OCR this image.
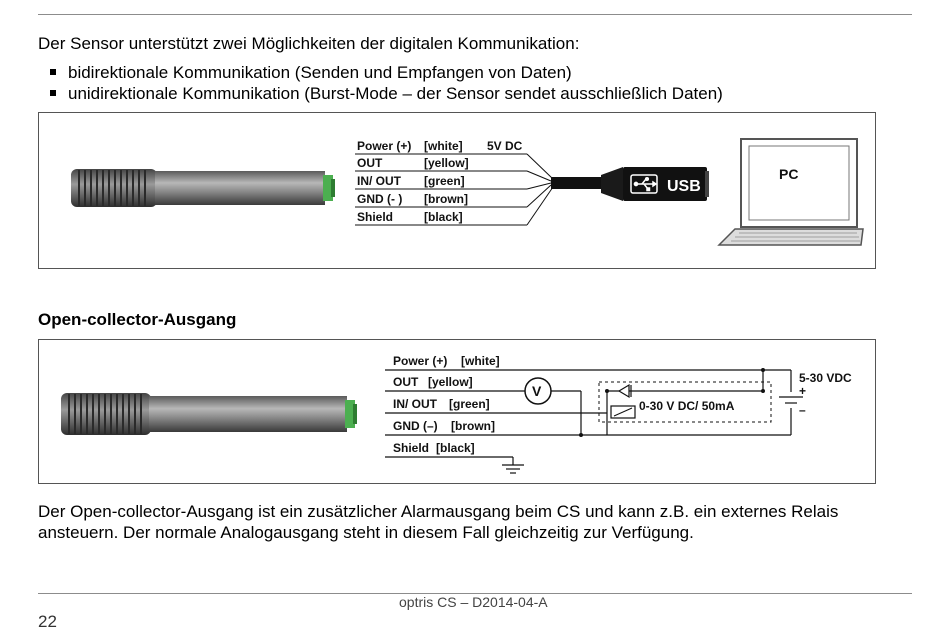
Der Sensor unterstützt zwei Möglichkeiten der digitalen Kommunikation:
bidirektionale Kommunikation (Senden und Empfangen von Daten)
unidirektionale Kommunikation (Burst-Mode – der Sensor sendet ausschließlich Daten)
Power (+)
OUT
IN/ OUT
GND (- )
Shield
[white]
[yellow]
[green]
[brown]
[black]
5V DC
USB
PC
Open-collector-Ausgang
V
Power (+)
OUT
IN/ OUT
GND (–)
Shield
[white]
[yellow]
[green]
[brown]
[black]
0-30 V DC/ 50mA
5-30 VDC
+
–
Der Open-collector-Ausgang ist ein zusätzlicher Alarmausgang beim CS und kann z.B. ein externes Relais ansteuern. Der normale Analogausgang steht in diesem Fall gleichzeitig zur Verfügung.
optris CS – D2014-04-A
22
